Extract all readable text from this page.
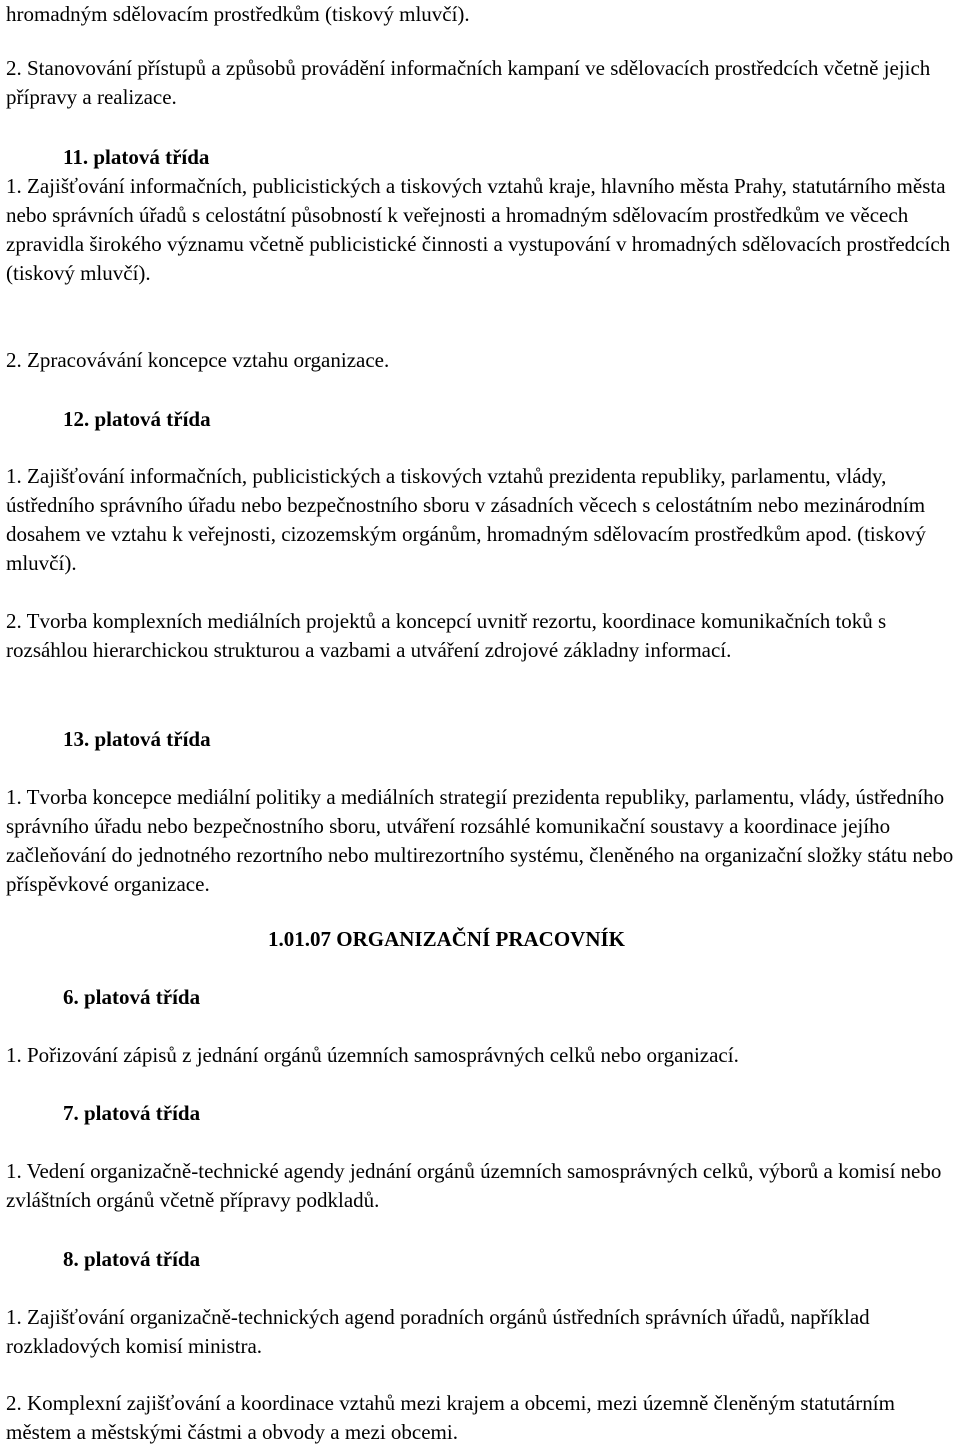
hromadným sdělovacím prostředkům (tiskový mluvčí).

2. Stanovování přístupů a způsobů provádění informačních kampaní ve sdělovacích prostředcích včetně jejich přípravy a realizace.

11. platová třída

1. Zajišťování informačních, publicistických a tiskových vztahů kraje, hlavního města Prahy, statutárního města nebo správních úřadů s celostátní působností k veřejnosti a hromadným sdělovacím prostředkům ve věcech zpravidla širokého významu včetně publicistické činnosti a vystupování v hromadných sdělovacích prostředcích (tiskový mluvčí).

2. Zpracovávání koncepce vztahu organizace.

12. platová třída

1. Zajišťování informačních, publicistických a tiskových vztahů prezidenta republiky, parlamentu, vlády, ústředního správního úřadu nebo bezpečnostního sboru v zásadních věcech s celostátním nebo mezinárodním dosahem ve vztahu k veřejnosti, cizozemským orgánům, hromadným sdělovacím prostředkům apod. (tiskový mluvčí).

2. Tvorba komplexních mediálních projektů a koncepcí uvnitř rezortu, koordinace komunikačních toků s rozsáhlou hierarchickou strukturou a vazbami a utváření zdrojové základny informací.

13. platová třída

1. Tvorba koncepce mediální politiky a mediálních strategií prezidenta republiky, parlamentu, vlády, ústředního správního úřadu nebo bezpečnostního sboru, utváření rozsáhlé komunikační soustavy a koordinace jejího začleňování do jednotného rezortního nebo multirezortního systému, členěného na organizační složky státu nebo příspěvkové organizace.

1.01.07 ORGANIZAČNÍ PRACOVNÍK

6. platová třída

1. Pořizování zápisů z jednání orgánů územních samosprávných celků nebo organizací.

7. platová třída

1. Vedení organizačně-technické agendy jednání orgánů územních samosprávných celků, výborů a komisí nebo zvláštních orgánů včetně přípravy podkladů.

8. platová třída

1. Zajišťování organizačně-technických agend poradních orgánů ústředních správních úřadů, například rozkladových komisí ministra.

2. Komplexní zajišťování a koordinace vztahů mezi krajem a obcemi, mezi územně členěným statutárním městem a městskými částmi a obvody a mezi obcemi.
